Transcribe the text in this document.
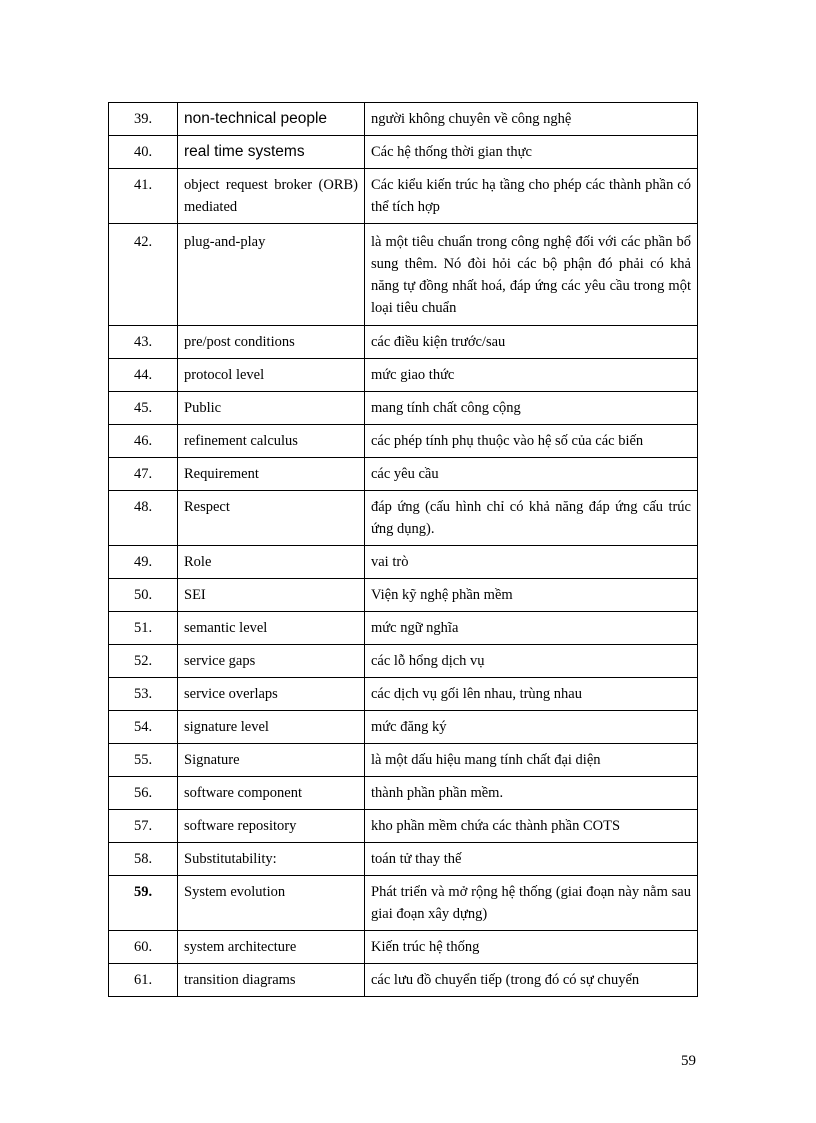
39.	non-technical people	người không chuyên về công nghệ
40.	real time systems	Các hệ thống thời gian thực
41.	object request broker (ORB) mediated	Các kiểu kiến trúc hạ tầng cho phép các thành phần có thể tích hợp
42.	plug-and-play	là một tiêu chuẩn trong công nghệ đối với các phần bổ sung thêm. Nó đòi hỏi các bộ phận đó phải có khả năng tự đồng nhất hoá, đáp ứng các yêu cầu trong một loại tiêu chuẩn
43.	pre/post conditions	các điều kiện trước/sau
44.	protocol level	mức giao thức
45.	Public	mang tính chất công cộng
46.	refinement calculus	các phép tính phụ thuộc vào hệ số của các biến
47.	Requirement	các yêu cầu
48.	Respect	đáp ứng (cấu hình chỉ có khả năng đáp ứng cấu trúc ứng dụng).
49.	Role	vai trò
50.	SEI	Viện kỹ nghệ phần mềm
51.	semantic level	mức ngữ nghĩa
52.	service gaps	các lỗ hổng dịch vụ
53.	service overlaps	các dịch vụ gối lên nhau, trùng nhau
54.	signature level	mức đăng ký
55.	Signature	là một dấu hiệu mang tính chất đại diện
56.	software component	thành phần phần mềm.
57.	software repository	kho phần mềm chứa các thành phần COTS
58.	Substitutability:	toán tử thay thế
59.	System evolution	Phát triển và mở rộng hệ thống (giai đoạn này nằm sau giai đoạn xây dựng)
60.	system architecture	Kiến trúc hệ thống
61.	transition diagrams	các lưu đồ chuyển tiếp (trong đó có sự chuyển
59
